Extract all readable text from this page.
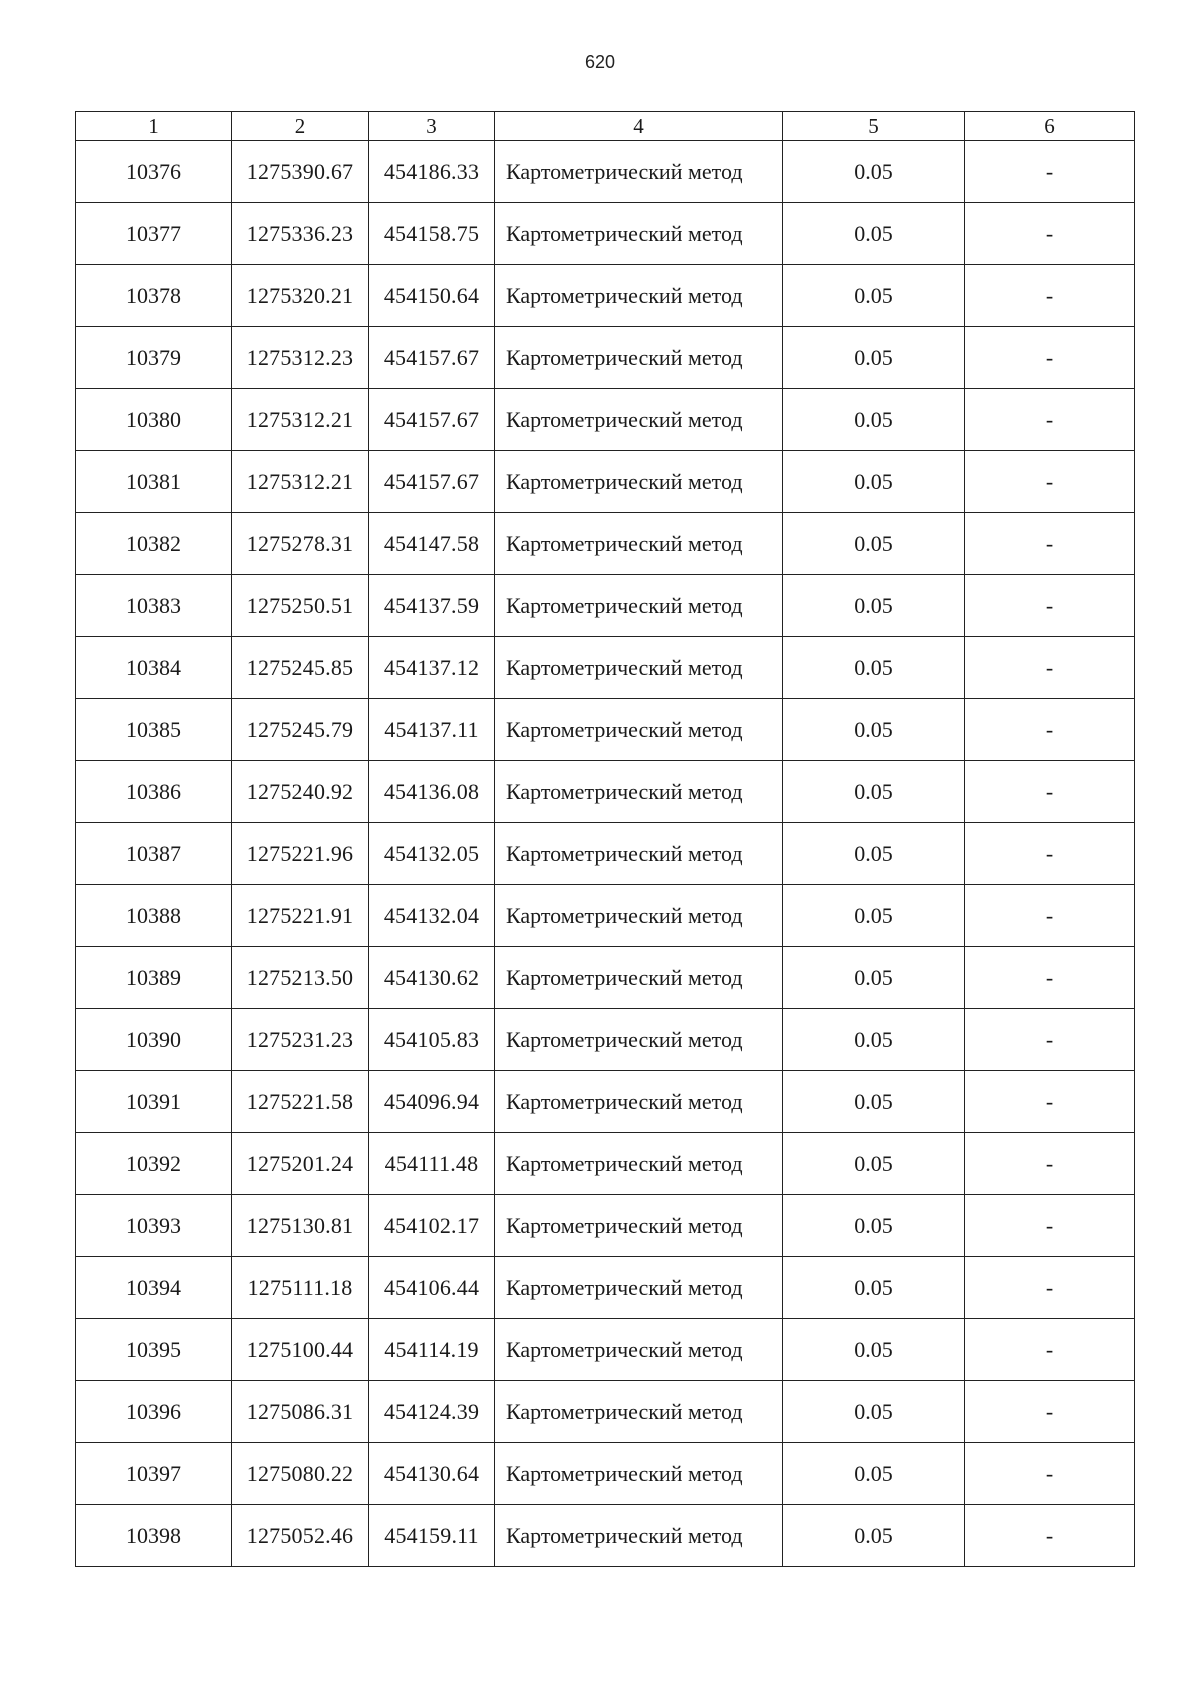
620
1	2	3	4	5	6
10376	1275390.67	454186.33	Картометрический метод	0.05	-
10377	1275336.23	454158.75	Картометрический метод	0.05	-
10378	1275320.21	454150.64	Картометрический метод	0.05	-
10379	1275312.23	454157.67	Картометрический метод	0.05	-
10380	1275312.21	454157.67	Картометрический метод	0.05	-
10381	1275312.21	454157.67	Картометрический метод	0.05	-
10382	1275278.31	454147.58	Картометрический метод	0.05	-
10383	1275250.51	454137.59	Картометрический метод	0.05	-
10384	1275245.85	454137.12	Картометрический метод	0.05	-
10385	1275245.79	454137.11	Картометрический метод	0.05	-
10386	1275240.92	454136.08	Картометрический метод	0.05	-
10387	1275221.96	454132.05	Картометрический метод	0.05	-
10388	1275221.91	454132.04	Картометрический метод	0.05	-
10389	1275213.50	454130.62	Картометрический метод	0.05	-
10390	1275231.23	454105.83	Картометрический метод	0.05	-
10391	1275221.58	454096.94	Картометрический метод	0.05	-
10392	1275201.24	454111.48	Картометрический метод	0.05	-
10393	1275130.81	454102.17	Картометрический метод	0.05	-
10394	1275111.18	454106.44	Картометрический метод	0.05	-
10395	1275100.44	454114.19	Картометрический метод	0.05	-
10396	1275086.31	454124.39	Картометрический метод	0.05	-
10397	1275080.22	454130.64	Картометрический метод	0.05	-
10398	1275052.46	454159.11	Картометрический метод	0.05	-
